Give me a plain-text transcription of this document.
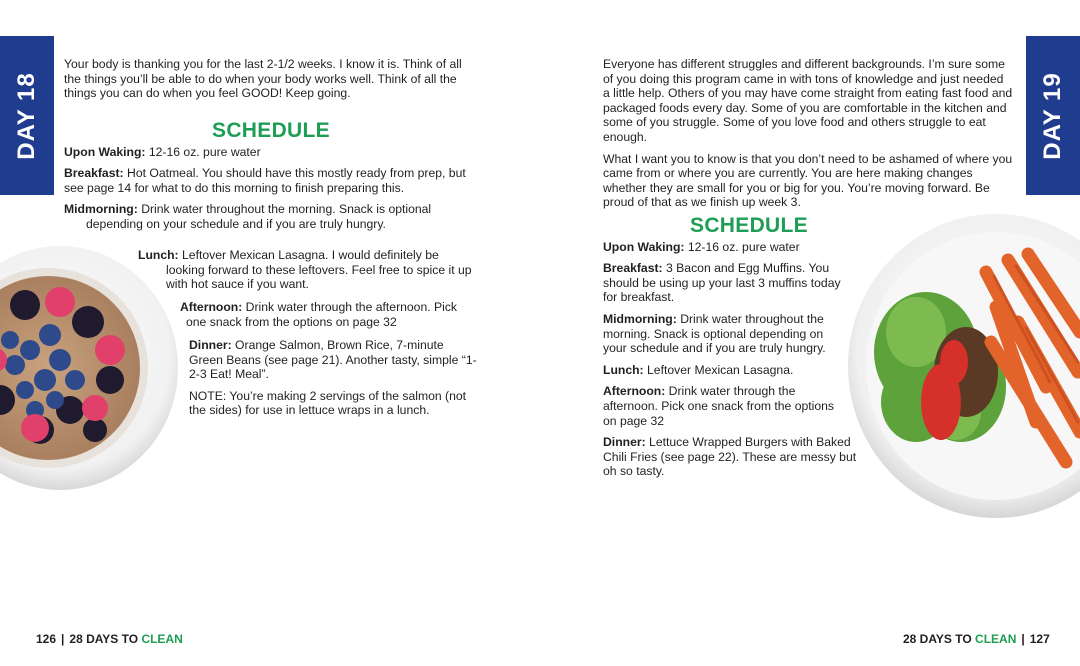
DAY 18

Your body is thanking you for the last 2-1/2 weeks. I know it is. Think of all the things you’ll be able to do when your body works well. Think of all the things you can do when you feel GOOD! Keep going.

SCHEDULE

Upon Waking: 12-16 oz. pure water

Breakfast: Hot Oatmeal. You should have this mostly ready from prep, but see page 14 for what to do this morning to finish preparing this.

Midmorning: Drink water throughout the morning. Snack is optional depending on your schedule and if you are truly hungry.

Lunch: Leftover Mexican Lasagna. I would definitely be looking forward to these leftovers. Feel free to spice it up with hot sauce if you want.

Afternoon: Drink water through the afternoon. Pick one snack from the options on page 32

Dinner: Orange Salmon, Brown Rice, 7-minute Green Beans (see page 21). Another tasty, simple “1-2-3 Eat! Meal”.

NOTE: You’re making 2 servings of the salmon (not the sides) for use in lettuce wraps in a lunch.

126 | 28 DAYS TO CLEAN
DAY 19

Everyone has different struggles and different backgrounds. I’m sure some of you doing this program came in with tons of knowledge and just needed a little help. Others of you may have come straight from eating fast food and packaged foods every day. Some of you are comfortable in the kitchen and some of you struggle. Some of you love food and others struggle to eat enough.

What I want you to know is that you don’t need to be ashamed of where you came from or where you are currently. You are here making changes whether they are small for you or big for you. You’re moving forward. Be proud of that as we finish up week 3.

SCHEDULE

Upon Waking: 12-16 oz. pure water

Breakfast: 3 Bacon and Egg Muffins. You should be using up your last 3 muffins today for breakfast.

Midmorning: Drink water throughout the morning. Snack is optional depending on your schedule and if you are truly hungry.

Lunch: Leftover Mexican Lasagna.

Afternoon: Drink water through the afternoon. Pick one snack from the options on page 32

Dinner: Lettuce Wrapped Burgers with Baked Chili Fries (see page 22). These are messy but oh so tasty.

28 DAYS TO CLEAN | 127
